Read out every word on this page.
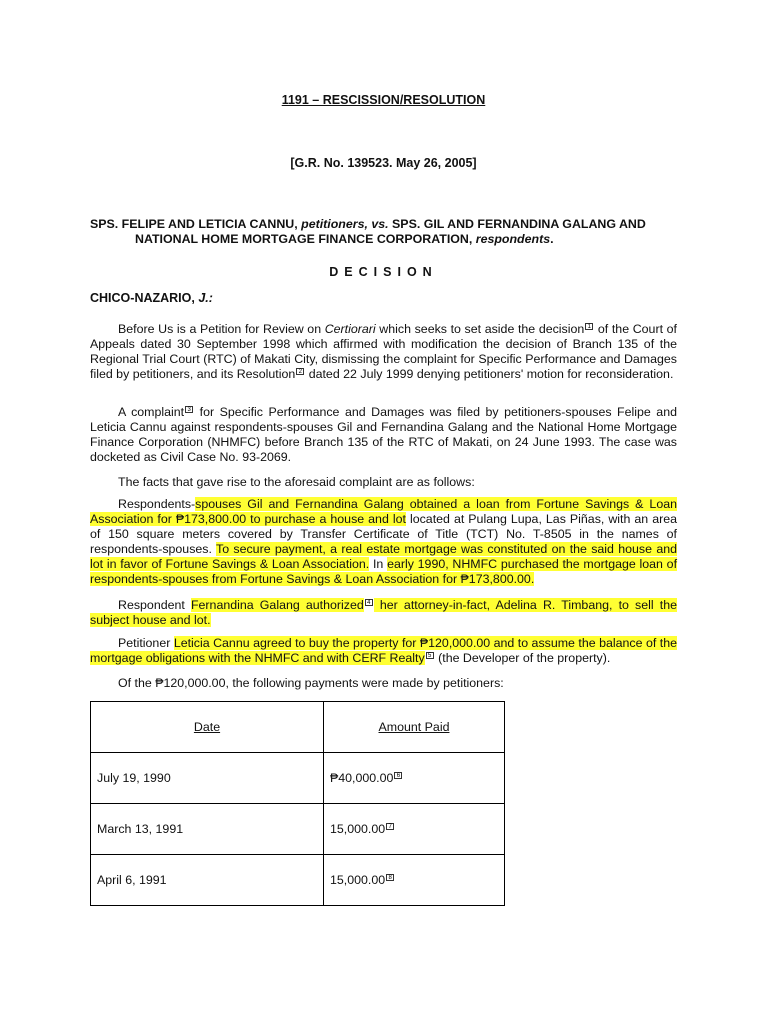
1191 – RESCISSION/RESOLUTION
[G.R. No. 139523. May 26, 2005]
SPS. FELIPE AND LETICIA CANNU, petitioners, vs. SPS. GIL AND FERNANDINA GALANG AND
NATIONAL HOME MORTGAGE FINANCE CORPORATION, respondents.
DECISION
CHICO-NAZARIO, J.:
Before Us is a Petition for Review on Certiorari which seeks to set aside the decision 1 of the Court of Appeals dated 30 September 1998 which affirmed with modification the decision of Branch 135 of the Regional Trial Court (RTC) of Makati City, dismissing the complaint for Specific Performance and Damages filed by petitioners, and its Resolution 2 dated 22 July 1999 denying petitioners' motion for reconsideration.
A complaint 3 for Specific Performance and Damages was filed by petitioners-spouses Felipe and Leticia Cannu against respondents-spouses Gil and Fernandina Galang and the National Home Mortgage Finance Corporation (NHMFC) before Branch 135 of the RTC of Makati, on 24 June 1993. The case was docketed as Civil Case No. 93-2069.
The facts that gave rise to the aforesaid complaint are as follows:
Respondents-spouses Gil and Fernandina Galang obtained a loan from Fortune Savings & Loan Association for ₱173,800.00 to purchase a house and lot located at Pulang Lupa, Las Piñas, with an area of 150 square meters covered by Transfer Certificate of Title (TCT) No. T-8505 in the names of respondents-spouses. To secure payment, a real estate mortgage was constituted on the said house and lot in favor of Fortune Savings & Loan Association. In early 1990, NHMFC purchased the mortgage loan of respondents-spouses from Fortune Savings & Loan Association for ₱173,800.00.
Respondent Fernandina Galang authorized 4 her attorney-in-fact, Adelina R. Timbang, to sell the subject house and lot.
Petitioner Leticia Cannu agreed to buy the property for ₱120,000.00 and to assume the balance of the mortgage obligations with the NHMFC and with CERF Realty 5 (the Developer of the property).
Of the ₱120,000.00, the following payments were made by petitioners:
Date	Amount Paid
July 19, 1990	₱40,000.00 6
March 13, 1991	15,000.00 7
April 6, 1991	15,000.00 8
